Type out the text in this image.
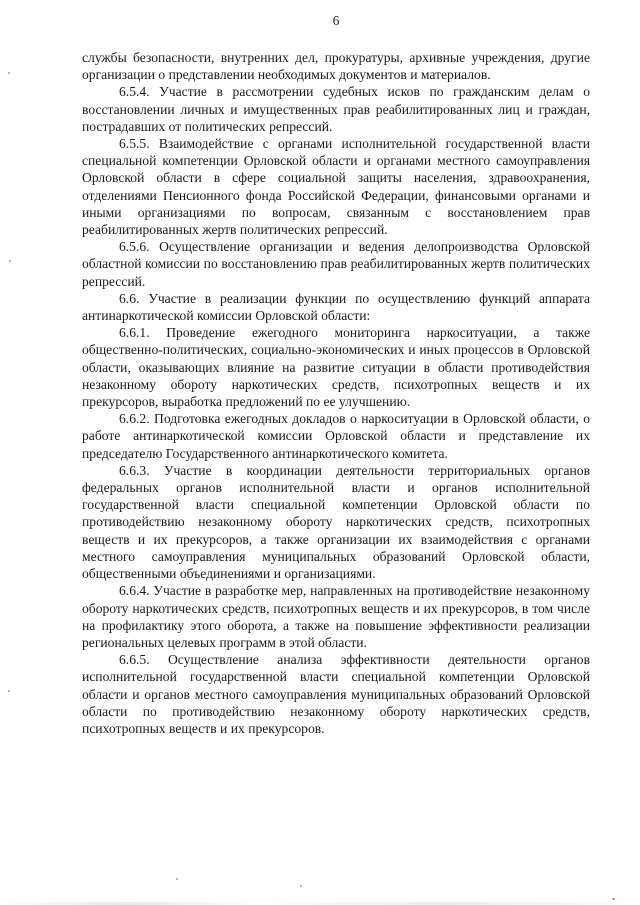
6

службы безопасности, внутренних дел, прокуратуры, архивные учреждения, другие организации о представлении необходимых документов и материалов.

6.5.4. Участие в рассмотрении судебных исков по гражданским делам о восстановлении личных и имущественных прав реабилитированных лиц и граждан, пострадавших от политических репрессий.

6.5.5. Взаимодействие с органами исполнительной государственной власти специальной компетенции Орловской области и органами местного самоуправления Орловской области в сфере социальной защиты населения, здравоохранения, отделениями Пенсионного фонда Российской Федерации, финансовыми органами и иными организациями по вопросам, связанным с восстановлением прав реабилитированных жертв политических репрессий.

6.5.6. Осуществление организации и ведения делопроизводства Орловской областной комиссии по восстановлению прав реабилитированных жертв политических репрессий.

6.6. Участие в реализации функции по осуществлению функций аппарата антинаркотической комиссии Орловской области:

6.6.1. Проведение ежегодного мониторинга наркоситуации, а также общественно-политических, социально-экономических и иных процессов в Орловской области, оказывающих влияние на развитие ситуации в области противодействия незаконному обороту наркотических средств, психотропных веществ и их прекурсоров, выработка предложений по ее улучшению.

6.6.2. Подготовка ежегодных докладов о наркоситуации в Орловской области, о работе антинаркотической комиссии Орловской области и представление их председателю Государственного антинаркотического комитета.

6.6.3. Участие в координации деятельности территориальных органов федеральных органов исполнительной власти и органов исполнительной государственной власти специальной компетенции Орловской области по противодействию незаконному обороту наркотических средств, психотропных веществ и их прекурсоров, а также организации их взаимодействия с органами местного самоуправления муниципальных образований Орловской области, общественными объединениями и организациями.

6.6.4. Участие в разработке мер, направленных на противодействие незаконному обороту наркотических средств, психотропных веществ и их прекурсоров, в том числе на профилактику этого оборота, а также на повышение эффективности реализации региональных целевых программ в этой области.

6.6.5. Осуществление анализа эффективности деятельности органов исполнительной государственной власти специальной компетенции Орловской области и органов местного самоуправления муниципальных образований Орловской области по противодействию незаконному обороту наркотических средств, психотропных веществ и их прекурсоров.
